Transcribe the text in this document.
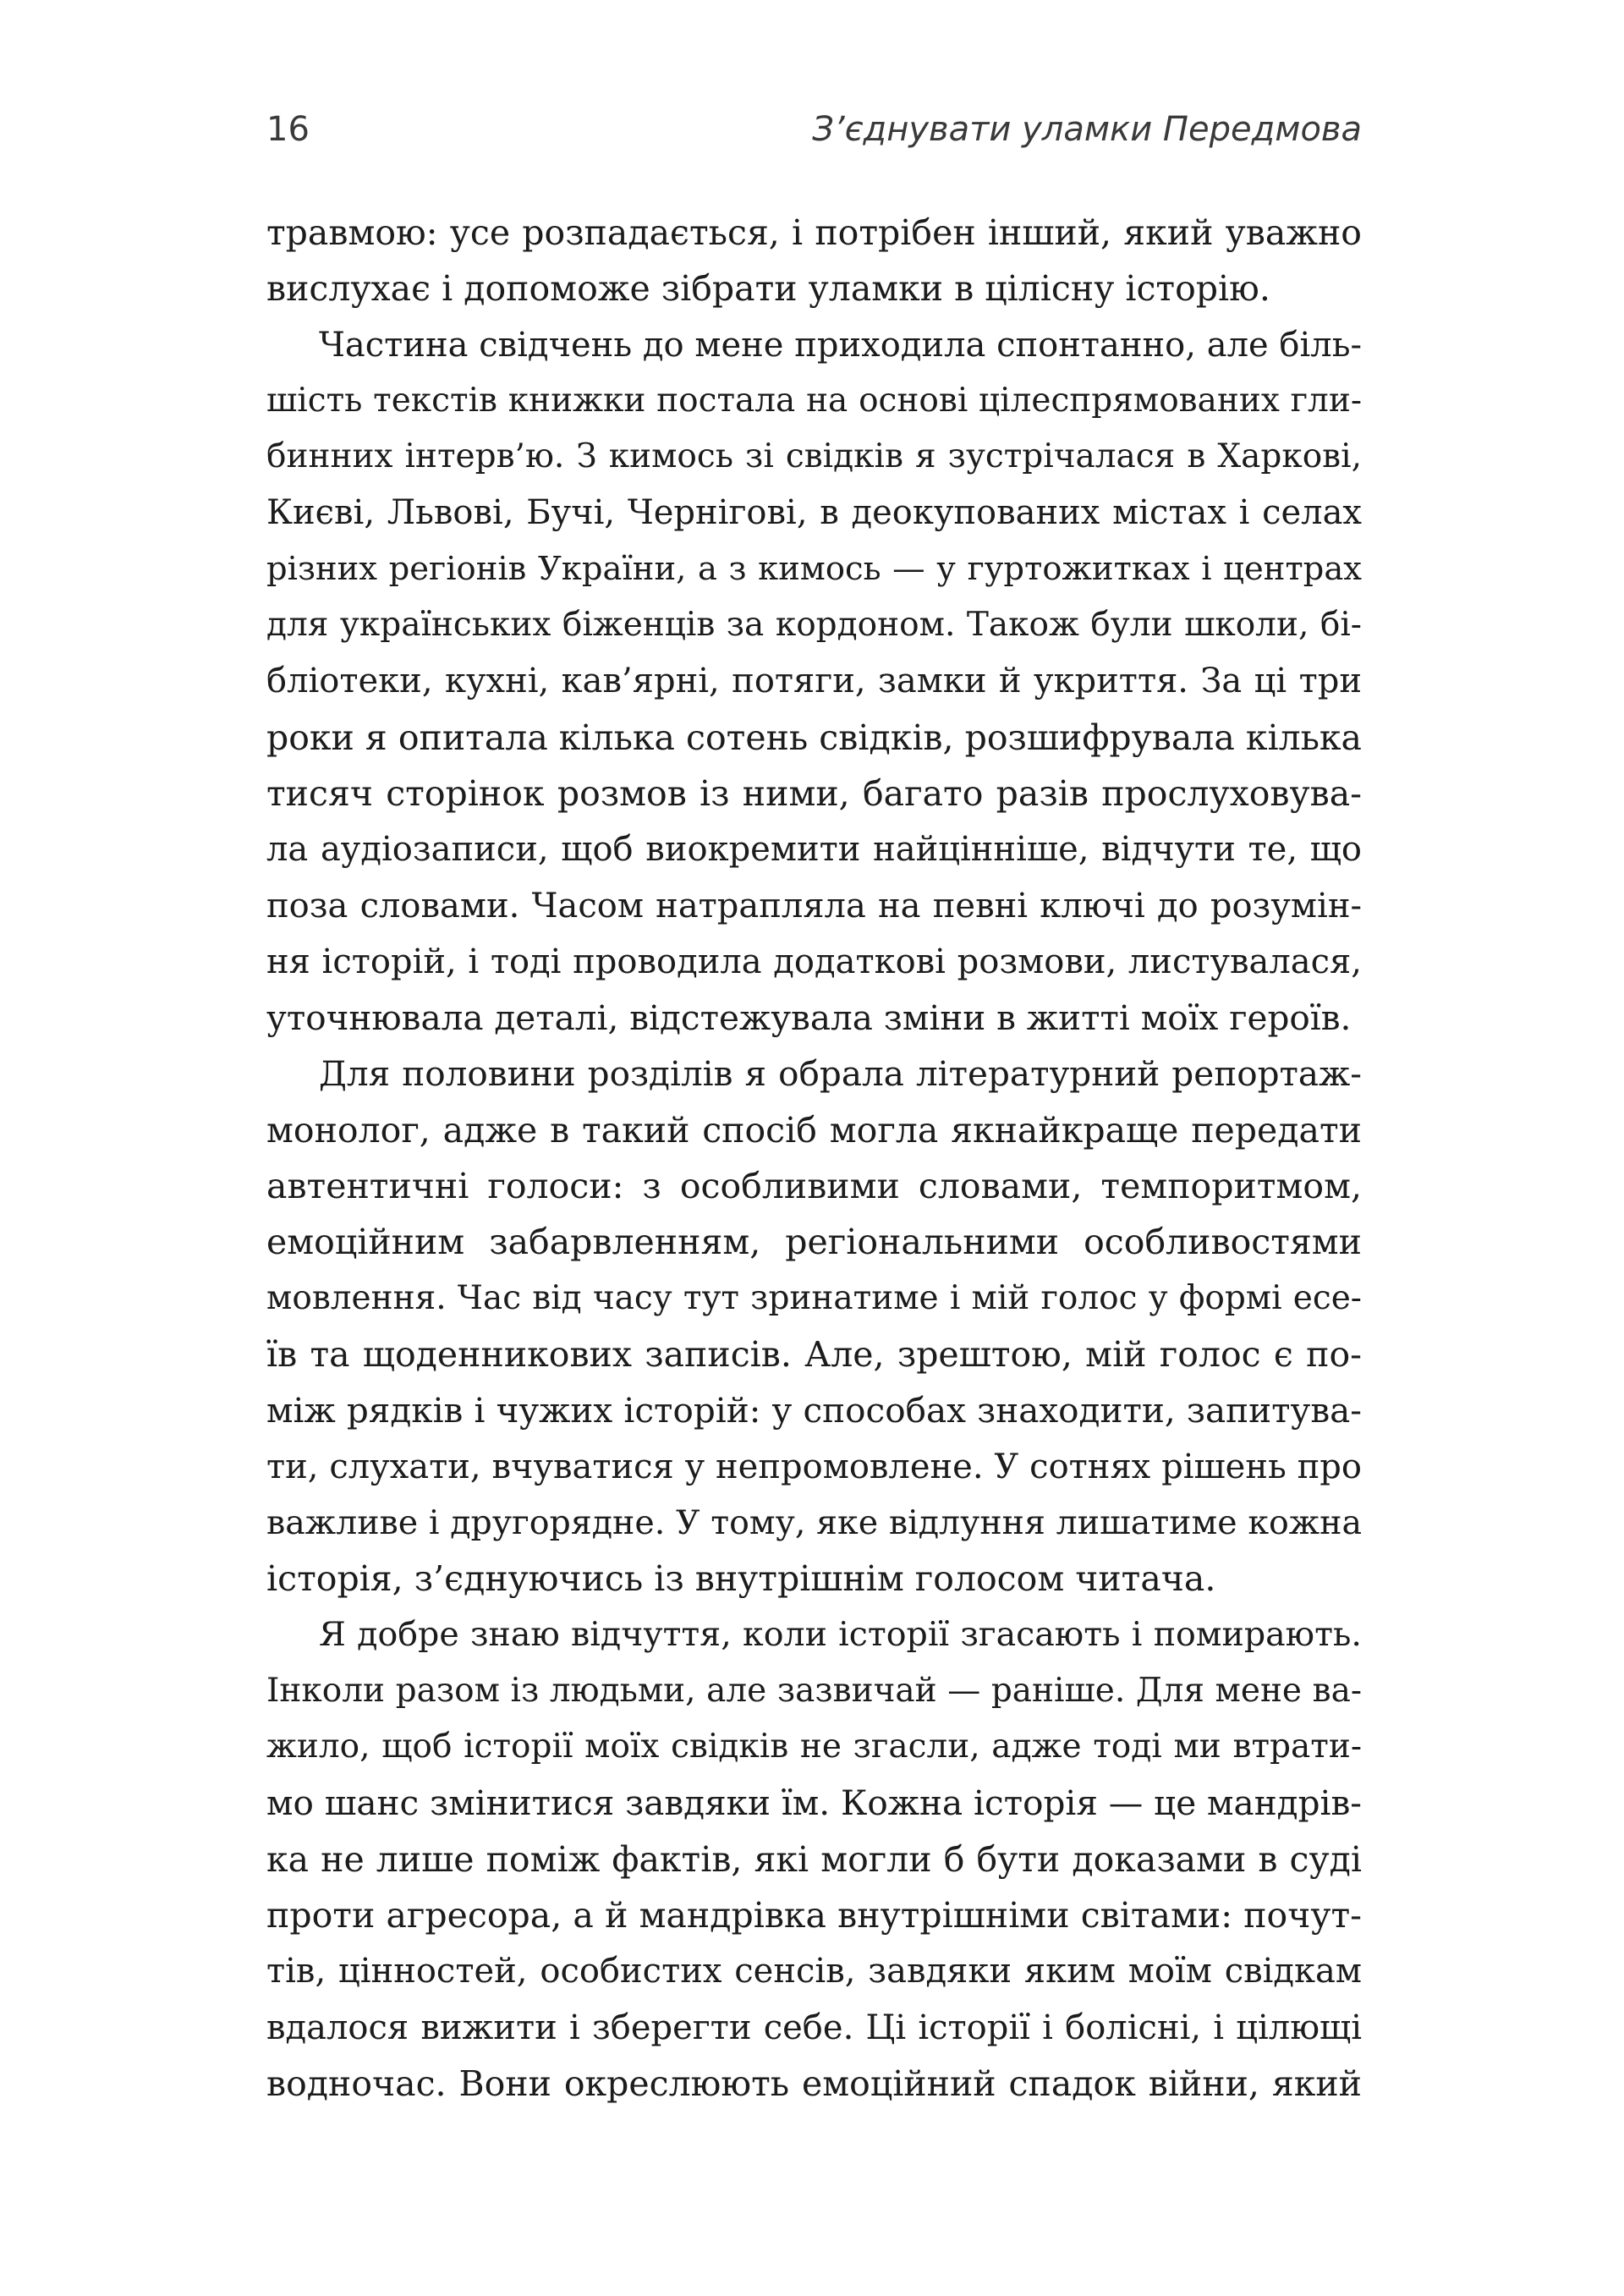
16	З’єднувати уламки Передмова
травмою: усе розпадається, і потрібен інший, який уважно
вислухає і допоможе зібрати уламки в цілісну історію.
Частина свідчень до мене приходила спонтанно, але біль-
шість текстів книжки постала на основі цілеспрямованих гли-
бинних інтерв’ю. З кимось зі свідків я зустрічалася в Харкові,
Києві, Львові, Бучі, Чернігові, в деокупованих містах і селах
різних регіонів України, а з кимось — у гуртожитках і центрах
для українських біженців за кордоном. Також були школи, бі-
бліотеки, кухні, кав’ярні, потяги, замки й укриття. За ці три
роки я опитала кілька сотень свідків, розшифрувала кілька
тисяч сторінок розмов із ними, багато разів прослуховува-
ла аудіозаписи, щоб виокремити найцінніше, відчути те, що
поза словами. Часом натрапляла на певні ключі до розумін-
ня історій, і тоді проводила додаткові розмови, листувалася,
уточнювала деталі, відстежувала зміни в житті моїх героїв.
Для половини розділів я обрала літературний репортаж-
монолог, адже в такий спосіб могла якнайкраще передати
автентичні голоси: з особливими словами, темпоритмом,
емоційним забарвленням, регіональними особливостями
мовлення. Час від часу тут зринатиме і мій голос у формі есе-
їв та щоденникових записів. Але, зрештою, мій голос є по-
між рядків і чужих історій: у способах знаходити, запитува-
ти, слухати, вчуватися у непромовлене. У сотнях рішень про
важливе і другорядне. У тому, яке відлуння лишатиме кожна
історія, з’єднуючись із внутрішнім голосом читача.
Я добре знаю відчуття, коли історії згасають і помирають.
Інколи разом із людьми, але зазвичай — раніше. Для мене ва-
жило, щоб історії моїх свідків не згасли, адже тоді ми втрати-
мо шанс змінитися завдяки їм. Кожна історія — це мандрів-
ка не лише поміж фактів, які могли б бути доказами в суді
проти агресора, а й мандрівка внутрішніми світами: почут-
тів, цінностей, особистих сенсів, завдяки яким моїм свідкам
вдалося вижити і зберегти себе. Ці історії і болісні, і цілющі
водночас. Вони окреслюють емоційний спадок війни, який
